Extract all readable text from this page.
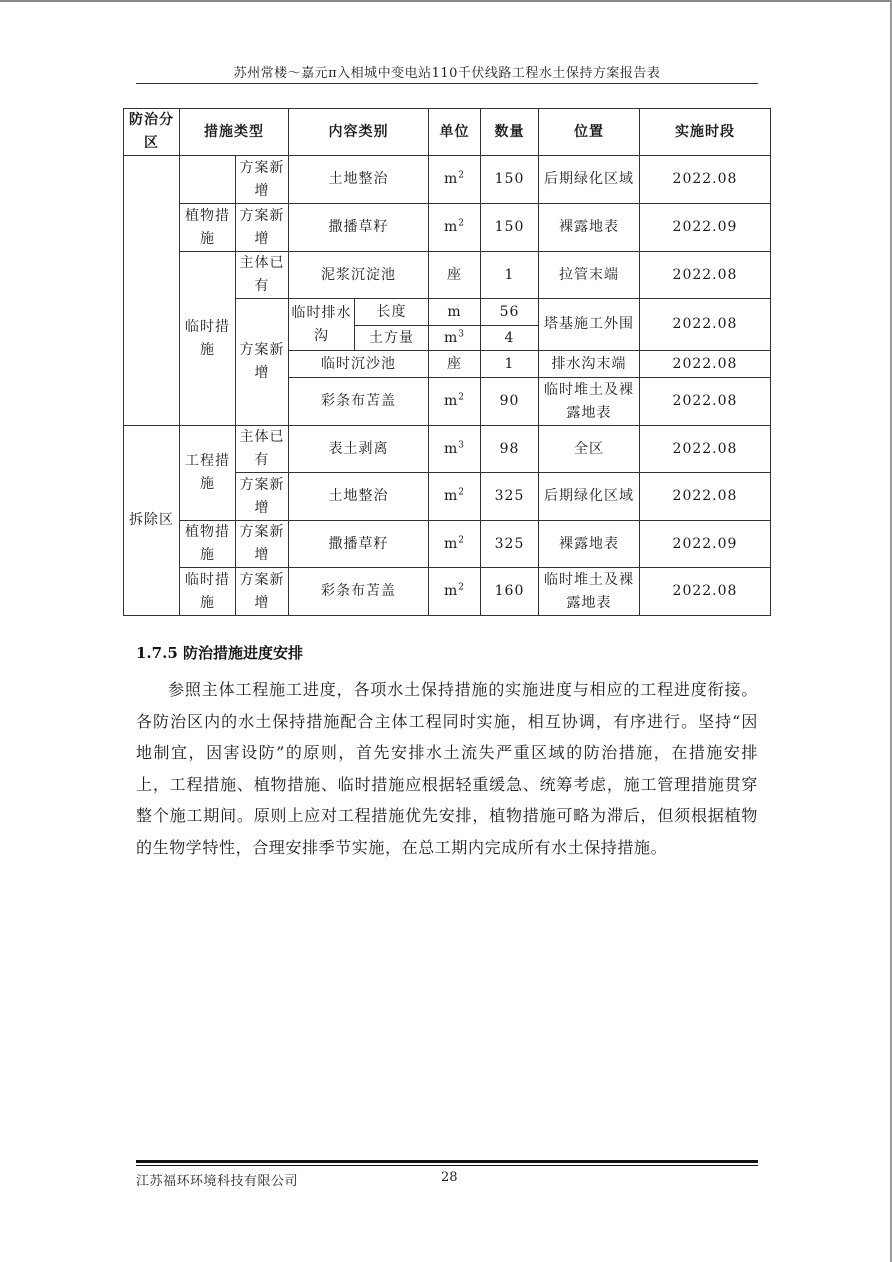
苏州常楼～嘉元π入相城中变电站110千伏线路工程水土保持方案报告表
防治分区	措施类型		内容类别		单位	数量	位置	实施时段
		方案新增	土地整治		$m^2$	150	后期绿化区域	2022.08
	植物措施	方案新增	撒播草籽		$m^2$	150	裸露地表	2022.09
	临时措施	主体已有	泥浆沉淀池		座	1	拉管末端	2022.08
		方案新增	临时排水沟	长度	m	56	塔基施工外围	2022.08
				土方量	$m^3$	4		
			临时沉沙池		座	1	排水沟末端	2022.08
			彩条布苫盖		$m^2$	90	临时堆土及裸露地表	2022.08
拆除区	工程措施	主体已有	表土剥离		$m^3$	98	全区	2022.08
		方案新增	土地整治		$m^2$	325	后期绿化区域	2022.08
	植物措施	方案新增	撒播草籽		$m^2$	325	裸露地表	2022.09
	临时措施	方案新增	彩条布苫盖		$m^2$	160	临时堆土及裸露地表	2022.08
1.7.5 防治措施进度安排
参照主体工程施工进度，各项水土保持措施的实施进度与相应的工程进度衔接。各防治区内的水土保持措施配合主体工程同时实施，相互协调，有序进行。坚持“因地制宜，因害设防”的原则，首先安排水土流失严重区域的防治措施，在措施安排上，工程措施、植物措施、临时措施应根据轻重缓急、统筹考虑，施工管理措施贯穿整个施工期间。原则上应对工程措施优先安排，植物措施可略为滞后，但须根据植物的生物学特性，合理安排季节实施，在总工期内完成所有水土保持措施。
江苏福环环境科技有限公司	28
